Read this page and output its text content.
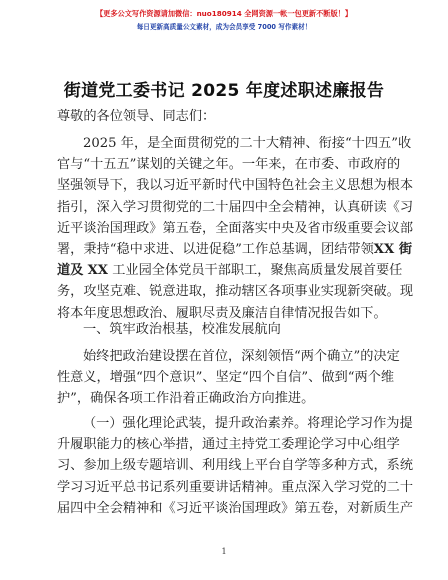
【更多公文写作资源请加微信：nuo180914 全网资源一帐一包更新不断版！】
每日更新高质量公文素材，成为会员享受 7000 写作素材！
街道党工委书记 2025 年度述职述廉报告
尊敬的各位领导、同志们：
2025 年，是全面贯彻党的二十大精神、衔接“十四五”收
官与“十五五”谋划的关键之年。一年来，在市委、市政府的
坚强领导下，我以习近平新时代中国特色社会主义思想为根本
指引，深入学习贯彻党的二十届四中全会精神，认真研读《习
近平谈治国理政》第五卷，全面落实中央及省市级重要会议部
署，秉持“稳中求进、以进促稳”工作总基调，团结带领XX 街
道及 XX 工业园全体党员干部职工，聚焦高质量发展首要任
务，攻坚克难、锐意进取，推动辖区各项事业实现新突破。现
将本年度思想政治、履职尽责及廉洁自律情况报告如下。
一、筑牢政治根基，校准发展航向
始终把政治建设摆在首位，深刻领悟“两个确立”的决定
性意义，增强“四个意识”、坚定“四个自信”、做到“两个维
护”，确保各项工作沿着正确政治方向推进。
（一）强化理论武装，提升政治素养。将理论学习作为提
升履职能力的核心举措，通过主持党工委理论学习中心组学
习、参加上级专题培训、利用线上平台自学等多种方式，系统
学习习近平总书记系列重要讲话精神。重点深入学习党的二十
届四中全会精神和《习近平谈治国理政》第五卷，对新质生产
1
